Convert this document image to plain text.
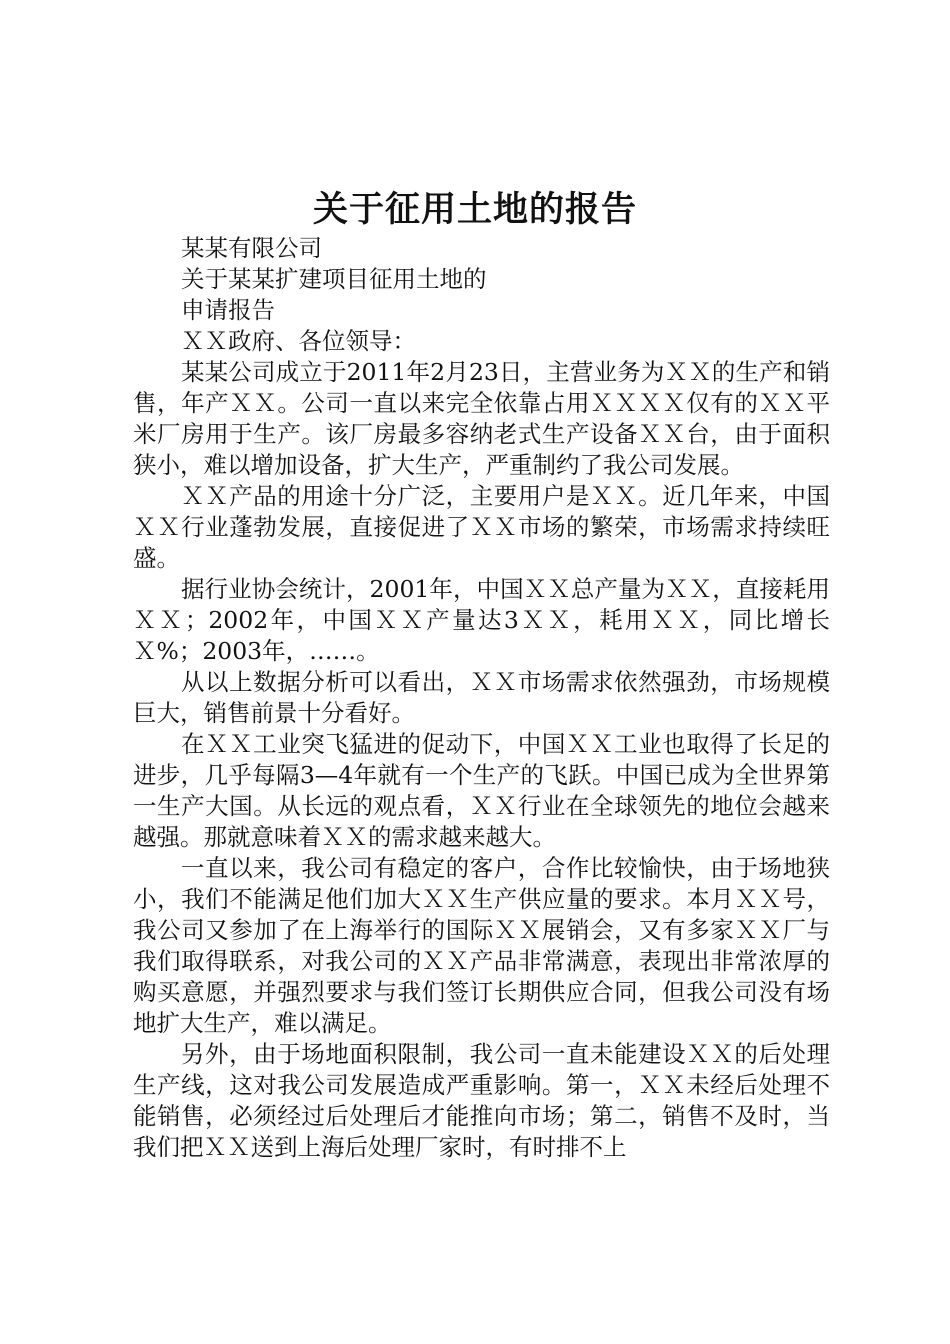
关于征用土地的报告

某某有限公司

关于某某扩建项目征用土地的

申请报告

ＸＸ政府、各位领导：

某某公司成立于2011年2月23日，主营业务为ＸＸ的生产和销售，年产ＸＸ。公司一直以来完全依靠占用ＸＸＸＸ仅有的ＸＸ平米厂房用于生产。该厂房最多容纳老式生产设备ＸＸ台，由于面积狭小，难以增加设备，扩大生产，严重制约了我公司发展。

ＸＸ产品的用途十分广泛，主要用户是ＸＸ。近几年来，中国ＸＸ行业蓬勃发展，直接促进了ＸＸ市场的繁荣，市场需求持续旺盛。

据行业协会统计，2001年，中国ＸＸ总产量为ＸＸ，直接耗用ＸＸ；2002年，中国ＸＸ产量达3ＸＸ，耗用ＸＸ，同比增长Ｘ%；2003年，……。

从以上数据分析可以看出，ＸＸ市场需求依然强劲，市场规模巨大，销售前景十分看好。

在ＸＸ工业突飞猛进的促动下，中国ＸＸ工业也取得了长足的进步，几乎每隔3—4年就有一个生产的飞跃。中国已成为全世界第一生产大国。从长远的观点看，ＸＸ行业在全球领先的地位会越来越强。那就意味着ＸＸ的需求越来越大。

一直以来，我公司有稳定的客户，合作比较愉快，由于场地狭小，我们不能满足他们加大ＸＸ生产供应量的要求。本月ＸＸ号，我公司又参加了在上海举行的国际ＸＸ展销会，又有多家ＸＸ厂与我们取得联系，对我公司的ＸＸ产品非常满意，表现出非常浓厚的购买意愿，并强烈要求与我们签订长期供应合同，但我公司没有场地扩大生产，难以满足。

另外，由于场地面积限制，我公司一直未能建设ＸＸ的后处理生产线，这对我公司发展造成严重影响。第一，ＸＸ未经后处理不能销售，必须经过后处理后才能推向市场；第二，销售不及时，当我们把ＸＸ送到上海后处理厂家时，有时排不上
